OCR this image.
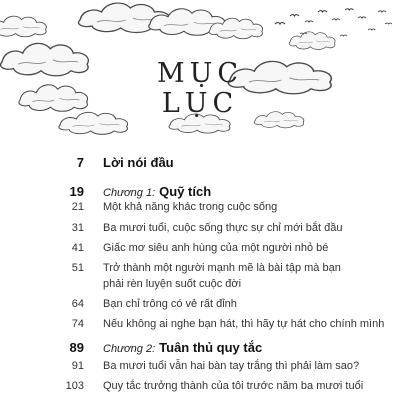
MỤC
LỤC
7 Lời nói đầu
19 Chương 1: Quỹ tích
21 Một khả năng khác trong cuộc sống
31 Ba mươi tuổi, cuộc sống thực sự chỉ mới bắt đầu
41 Giấc mơ siêu anh hùng của một người nhỏ bé
51 Trở thành một người mạnh mẽ là bài tập mà bạn
phải rèn luyện suốt cuộc đời
64 Bạn chỉ trông có vẻ rất đỉnh
74 Nếu không ai nghe bạn hát, thì hãy tự hát cho chính mình
89 Chương 2: Tuân thủ quy tắc
91 Ba mươi tuổi vẫn hai bàn tay trắng thì phải làm sao?
103 Quy tắc trưởng thành của tôi trước năm ba mươi tuổi
